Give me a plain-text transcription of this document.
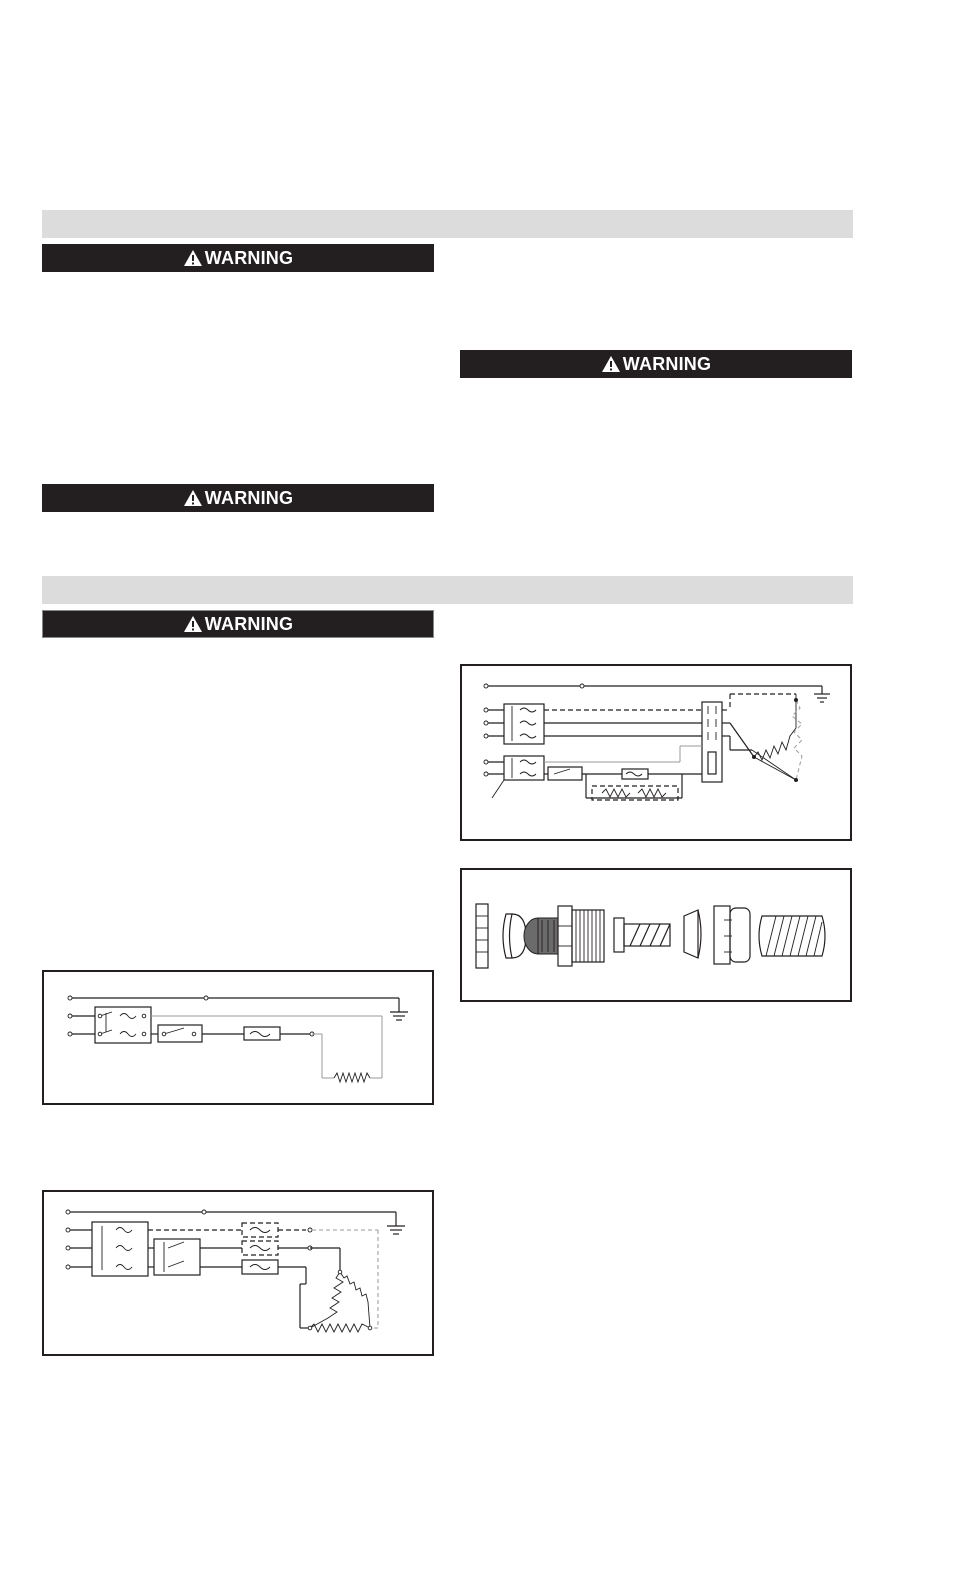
WARNING
WARNING
WARNING
WARNING
